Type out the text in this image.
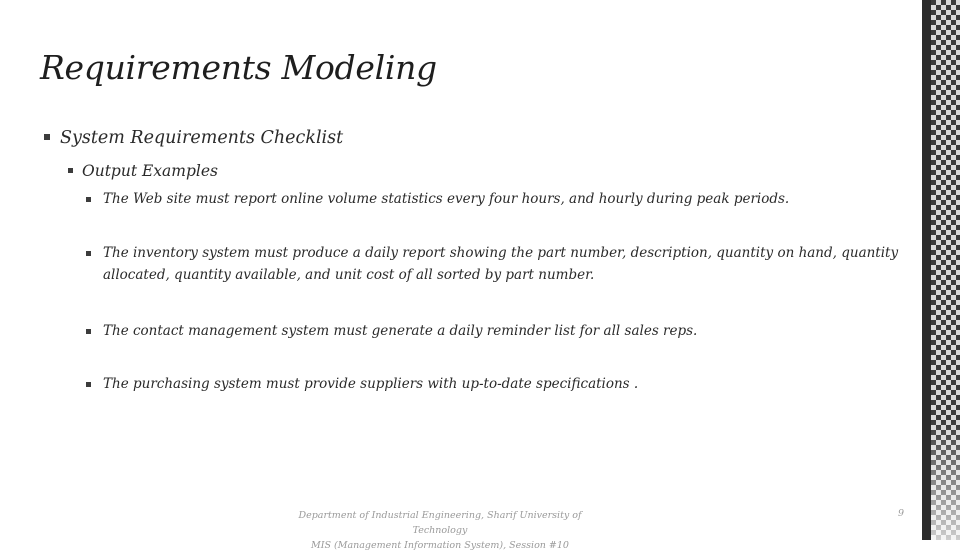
Requirements Modeling
System Requirements Checklist
Output Examples
The Web site must report online volume statistics every four hours, and hourly during peak periods.
The inventory system must produce a daily report showing the part number, description, quantity on hand, quantity allocated, quantity available, and unit cost of all sorted by part number.
The contact management system must generate a daily reminder list for all sales reps.
The purchasing system must provide suppliers with up-to-date specifications .
Department of Industrial Engineering, Sharif University of Technology
MIS (Management Information System), Session #10
9
